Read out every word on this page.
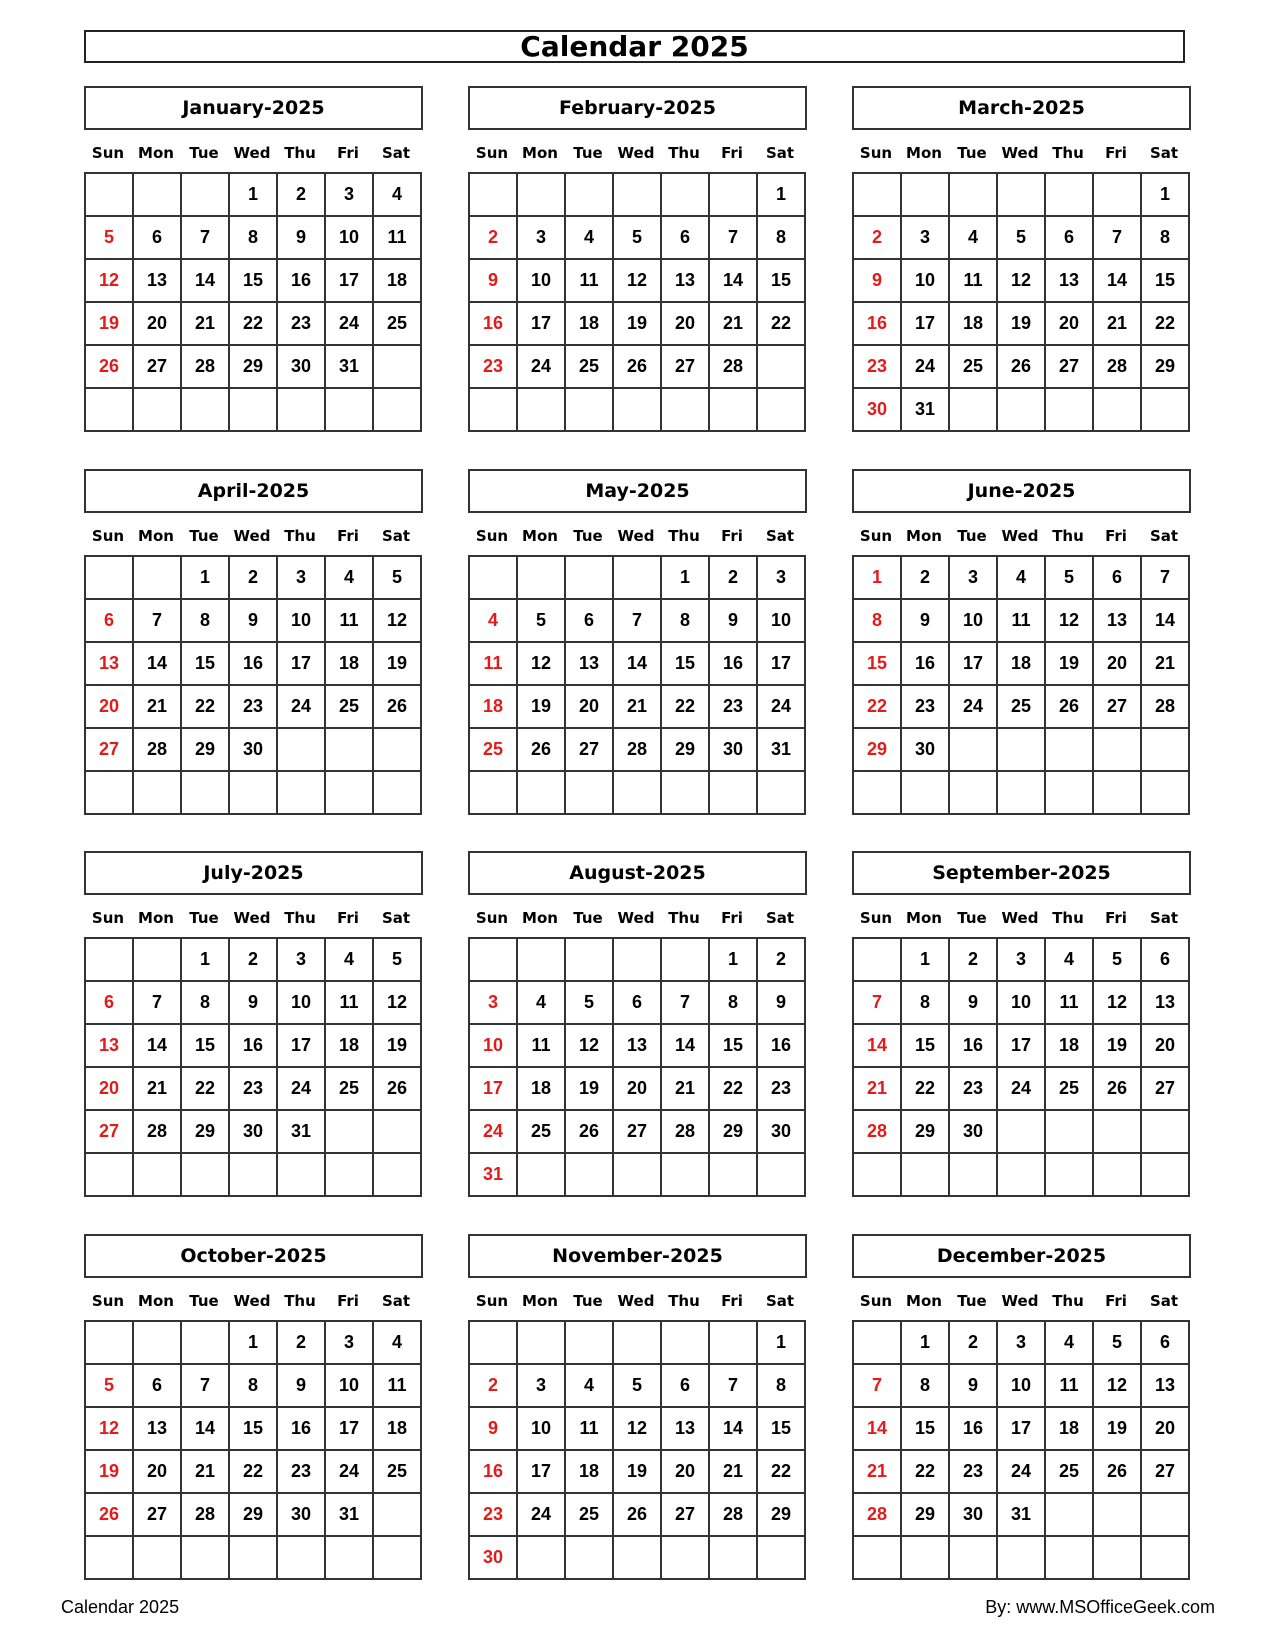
Calendar 2025
January-2025
Sun Mon	Tue Wed Thu	Fri	Sat
			1	2	3	4
5	6	7	8	9	10	11
12	13	14	15	16	17	18
19	20	21	22	23	24	25
26	27	28	29	30	31	

February-2025
Sun Mon	Tue Wed Thu	Fri	Sat
						1
2	3	4	5	6	7	8
9	10	11	12	13	14	15
16	17	18	19	20	21	22
23	24	25	26	27	28	

March-2025
Sun Mon	Tue Wed Thu	Fri	Sat
						1
2	3	4	5	6	7	8
9	10	11	12	13	14	15
16	17	18	19	20	21	22
23	24	25	26	27	28	29
30	31					
April-2025
Sun Mon	Tue Wed Thu	Fri	Sat
		1	2	3	4	5
6	7	8	9	10	11	12
13	14	15	16	17	18	19
20	21	22	23	24	25	26
27	28	29	30			

May-2025
Sun Mon	Tue Wed Thu	Fri	Sat
				1	2	3
4	5	6	7	8	9	10
11	12	13	14	15	16	17
18	19	20	21	22	23	24
25	26	27	28	29	30	31

June-2025
Sun Mon	Tue Wed Thu	Fri	Sat
1	2	3	4	5	6	7
8	9	10	11	12	13	14
15	16	17	18	19	20	21
22	23	24	25	26	27	28
29	30					

July-2025
Sun Mon	Tue Wed Thu	Fri	Sat
		1	2	3	4	5
6	7	8	9	10	11	12
13	14	15	16	17	18	19
20	21	22	23	24	25	26
27	28	29	30	31		

August-2025
Sun Mon	Tue Wed Thu	Fri	Sat
					1	2
3	4	5	6	7	8	9
10	11	12	13	14	15	16
17	18	19	20	21	22	23
24	25	26	27	28	29	30
31						
September-2025
Sun Mon	Tue Wed Thu	Fri	Sat
	1	2	3	4	5	6
7	8	9	10	11	12	13
14	15	16	17	18	19	20
21	22	23	24	25	26	27
28	29	30				

October-2025
Sun Mon	Tue Wed Thu	Fri	Sat
			1	2	3	4
5	6	7	8	9	10	11
12	13	14	15	16	17	18
19	20	21	22	23	24	25
26	27	28	29	30	31	

November-2025
Sun Mon	Tue Wed Thu	Fri	Sat
						1
2	3	4	5	6	7	8
9	10	11	12	13	14	15
16	17	18	19	20	21	22
23	24	25	26	27	28	29
30						
December-2025
Sun Mon	Tue Wed Thu	Fri	Sat
	1	2	3	4	5	6
7	8	9	10	11	12	13
14	15	16	17	18	19	20
21	22	23	24	25	26	27
28	29	30	31			

Calendar 2025	By: www.MSOfficeGeek.com
